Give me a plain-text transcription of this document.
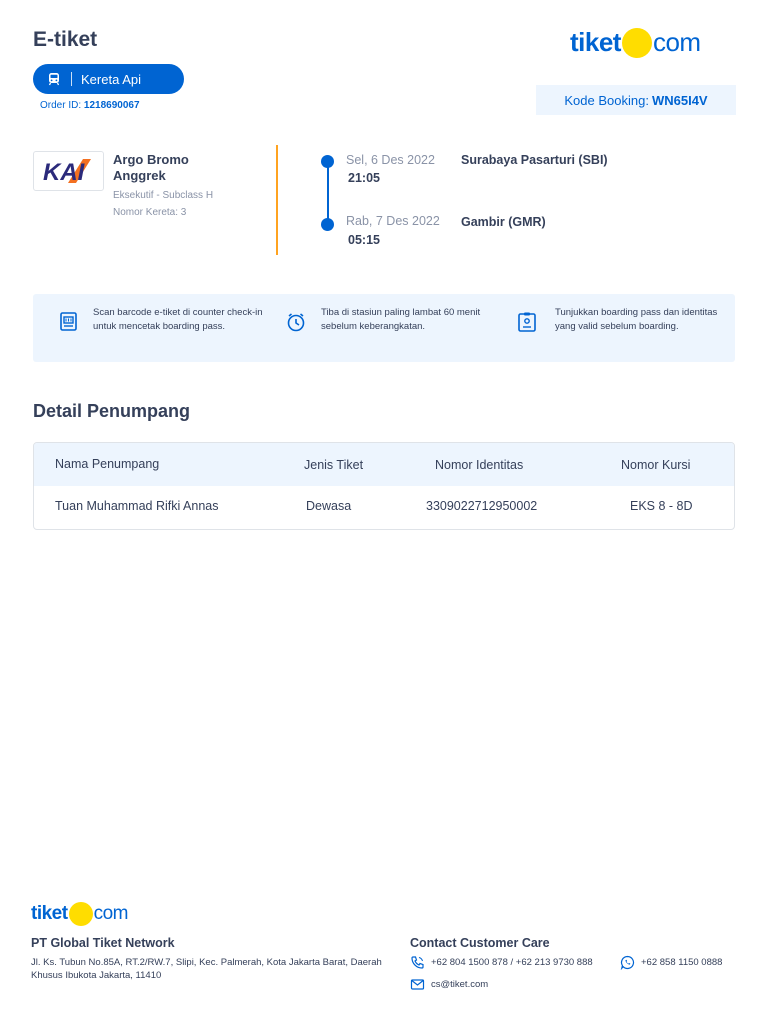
E-tiket
Kereta Api
Order ID: 1218690067
tiket com
Kode Booking: WN65I4V
KAI Argo Bromo Anggrek
Eksekutif - Subclass H
Nomor Kereta: 3
Sel, 6 Des 2022
21:05
Surabaya Pasarturi (SBI)
Rab, 7 Des 2022
05:15
Gambir (GMR)
Scan barcode e-tiket di counter check-in untuk mencetak boarding pass.
Tiba di stasiun paling lambat 60 menit sebelum keberangkatan.
Tunjukkan boarding pass dan identitas yang valid sebelum boarding.
Detail Penumpang
Nama Penumpang	Jenis Tiket	Nomor Identitas	Nomor Kursi
Tuan Muhammad Rifki Annas	Dewasa	3309022712950002	EKS 8 - 8D
tiket com
PT Global Tiket Network
Jl. Ks. Tubun No.85A, RT.2/RW.7, Slipi, Kec. Palmerah, Kota Jakarta Barat, Daerah Khusus Ibukota Jakarta, 11410
Contact Customer Care
+62 804 1500 878 / +62 213 9730 888	+62 858 1150 0888
cs@tiket.com
